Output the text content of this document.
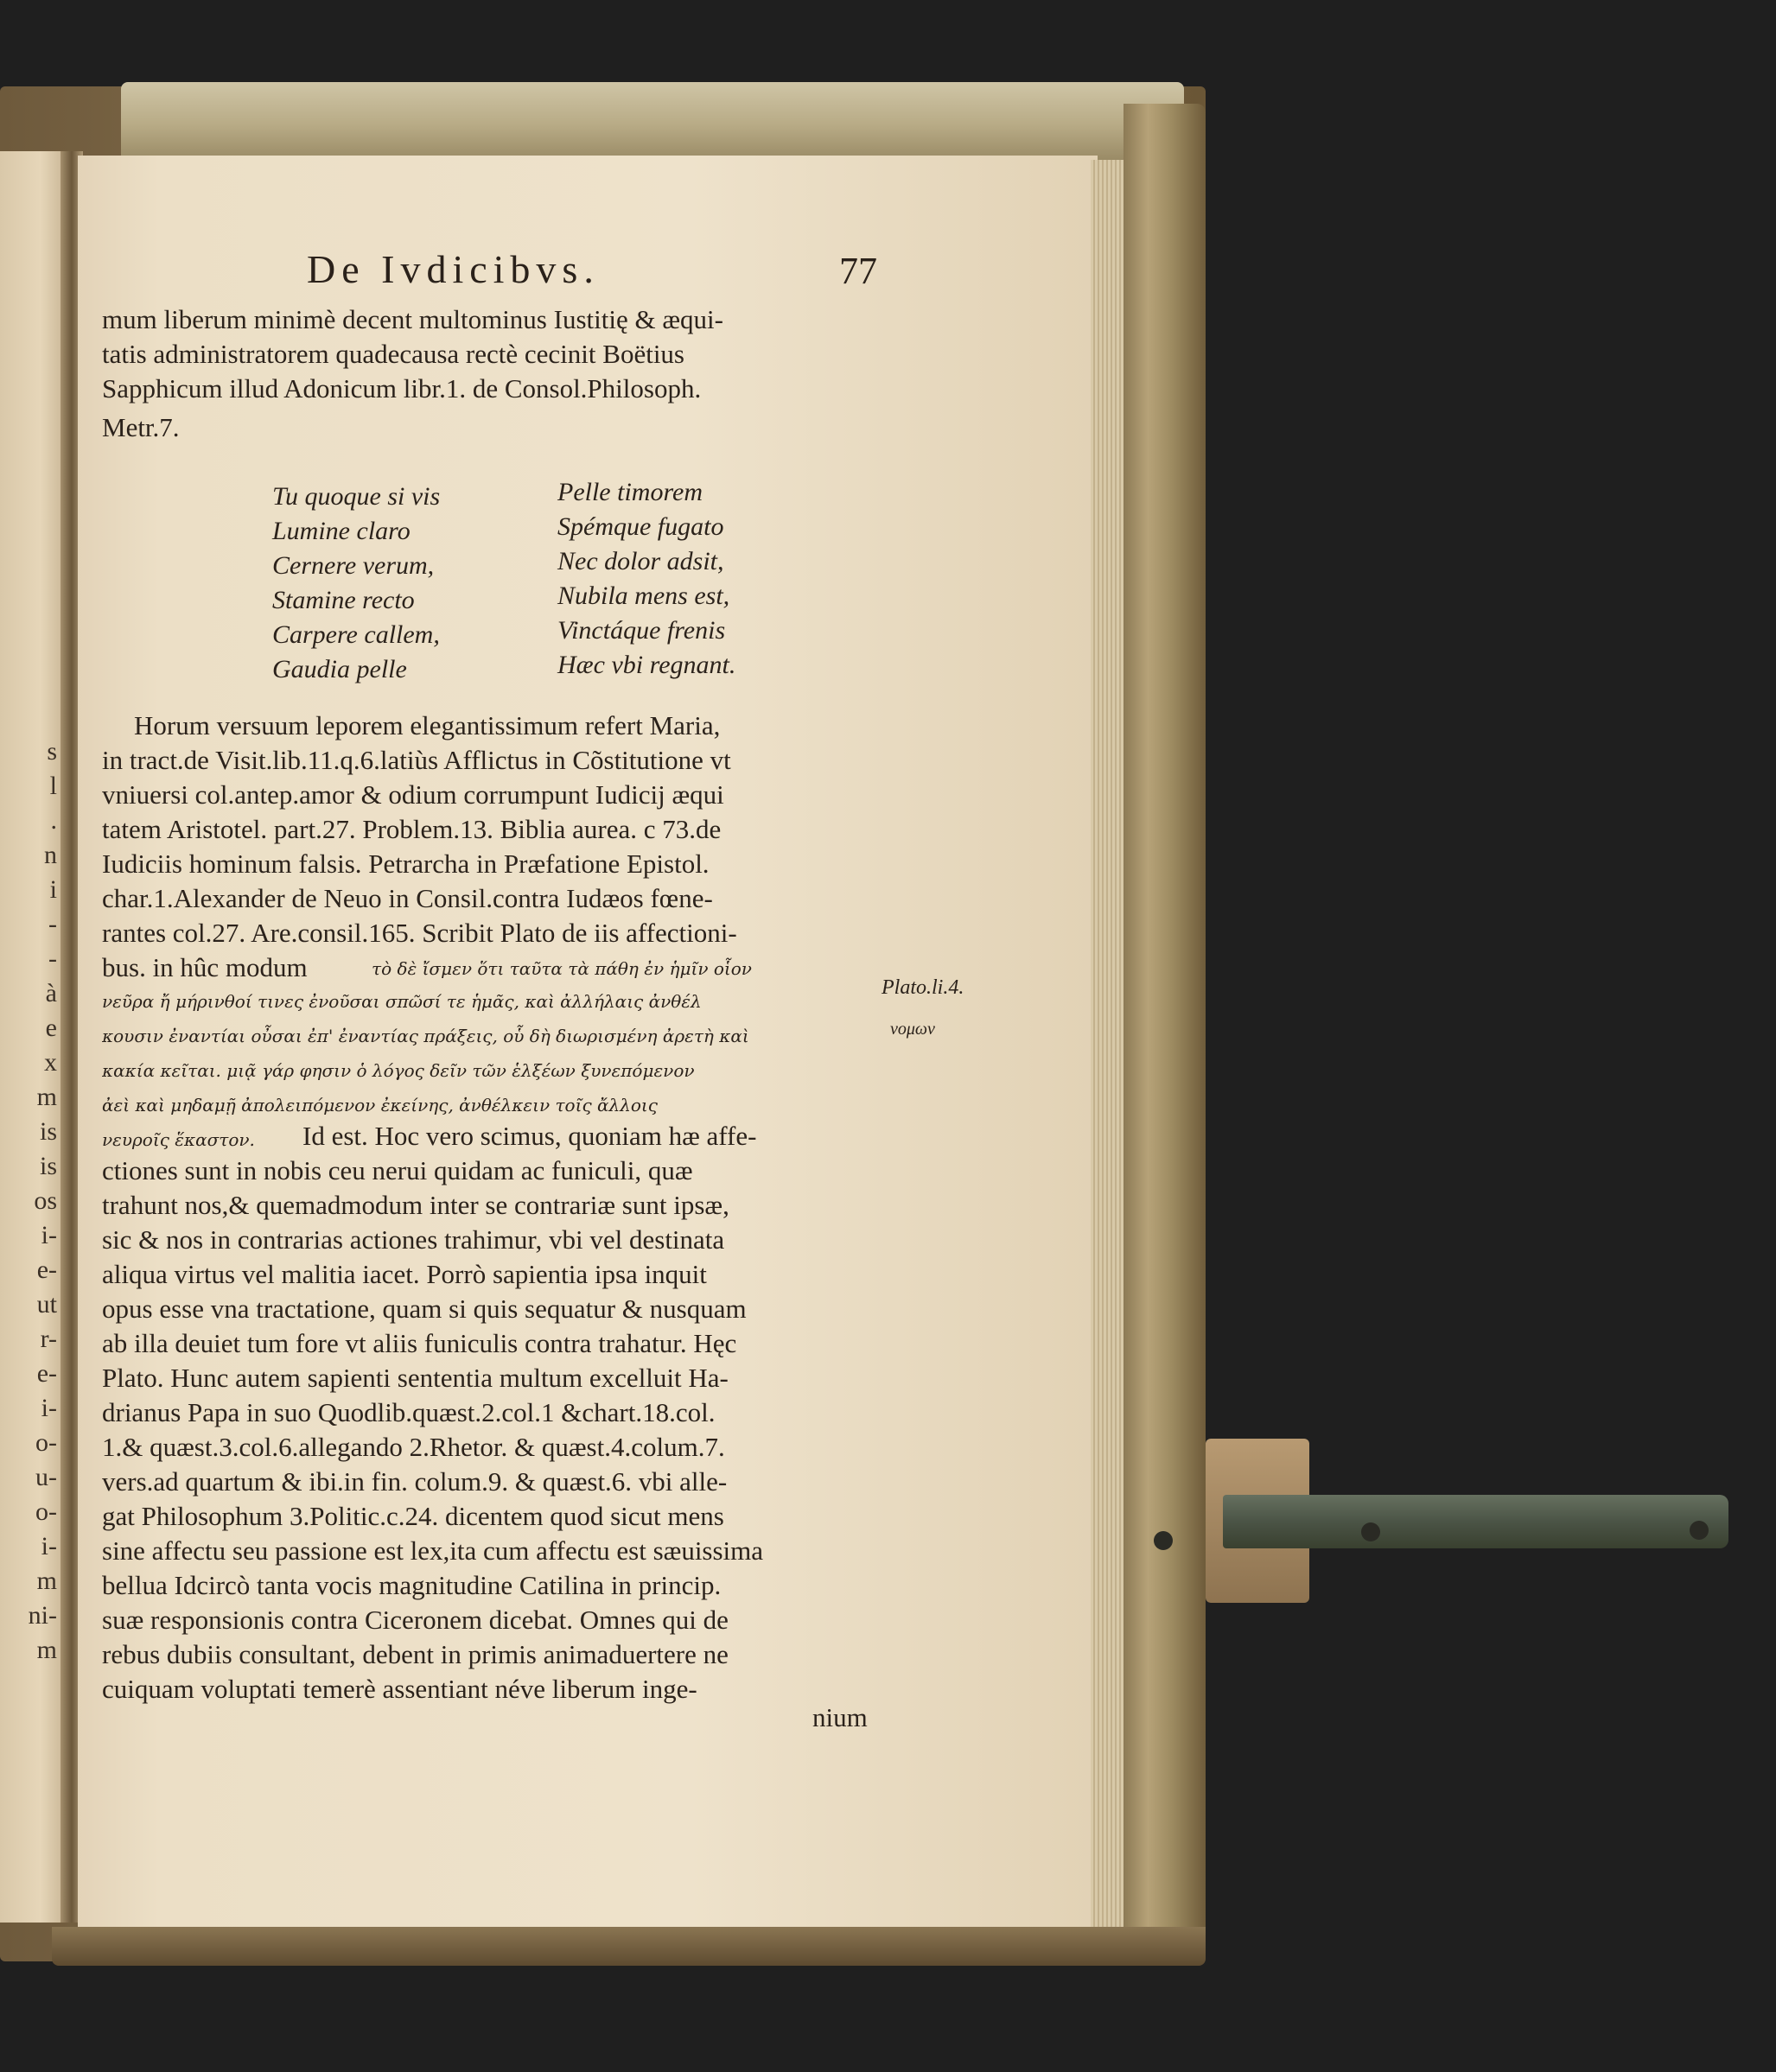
s
l
.
n
i
-
-
à
e
x
m
is
is
os
i-
e-
ut
r-
e-
i-
o-
u-
o-
i-
m
ni-
m
De Ivdicibvs.	77
mum liberum minimè decent multominus Iustitię & æqui-
tatis administratorem quadecausa rectè cecinit Boëtius
Sapphicum illud Adonicum libr.1. de Consol.Philosoph.
Metr.7.
Tu quoque si vis
Lumine claro
Cernere verum,
Stamine recto
Carpere callem,
Gaudia pelle
Pelle timorem
Spémque fugato
Nec dolor adsit,
Nubila mens est,
Vinctáque frenis
Hæc vbi regnant.
Horum versuum leporem elegantissimum refert Maria,
in tract.de Visit.lib.11.q.6.latiùs Afflictus in Cõstitutione vt
vniuersi col.antep.amor & odium corrumpunt Iudicij æqui
tatem Aristotel. part.27. Problem.13. Biblia aurea. c 73.de
Iudiciis hominum falsis. Petrarcha in Præfatione Epistol.
char.1.Alexander de Neuo in Consil.contra Iudæos fœne-
rantes col.27. Are.consil.165. Scribit Plato de iis affectioni-
bus. in hûc modum	τὸ δὲ ἴσμεν ὅτι ταῦτα τὰ πάθη ἐν ἡμῖν οἷον
νεῦρα ἤ μήρινθοί τινες ἐνοῦσαι σπῶσί τε ἡμᾶς, καὶ ἀλλήλαις ἀνθέλ
κουσιν ἐναντίαι οὖσαι ἐπ' ἐναντίας πράξεις, οὗ δὴ διωρισμένη ἀρετὴ καὶ
κακία κεῖται. μιᾷ γάρ φησιν ὁ λόγος δεῖν τῶν ἑλξέων ξυνεπόμενον
ἀεὶ καὶ μηδαμῇ ἀπολειπόμενον ἐκείνης, ἀνθέλκειν τοῖς ἄλλοις
νευροῖς ἕκαστον.
Plato.li.4.
νομων
Id est. Hoc vero scimus, quoniam hæ affe-
ctiones sunt in nobis ceu nerui quidam ac funiculi, quæ
trahunt nos,& quemadmodum inter se contrariæ sunt ipsæ,
sic & nos in contrarias actiones trahimur, vbi vel destinata
aliqua virtus vel malitia iacet. Porrò sapientia ipsa inquit
opus esse vna tractatione, quam si quis sequatur & nusquam
ab illa deuiet tum fore vt aliis funiculis contra trahatur. Hęc
Plato. Hunc autem sapienti sententia multum excelluit Ha-
drianus Papa in suo Quodlib.quæst.2.col.1 &chart.18.col.
1.& quæst.3.col.6.allegando 2.Rhetor. & quæst.4.colum.7.
vers.ad quartum & ibi.in fin. colum.9. & quæst.6. vbi alle-
gat Philosophum 3.Politic.c.24. dicentem quod sicut mens
sine affectu seu passione est lex,ita cum affectu est sæuissima
bellua Idcircò tanta vocis magnitudine Catilina in princip.
suæ responsionis contra Ciceronem dicebat. Omnes qui de
rebus dubiis consultant, debent in primis animaduertere ne
cuiquam voluptati temerè assentiant néve liberum inge-
nium
